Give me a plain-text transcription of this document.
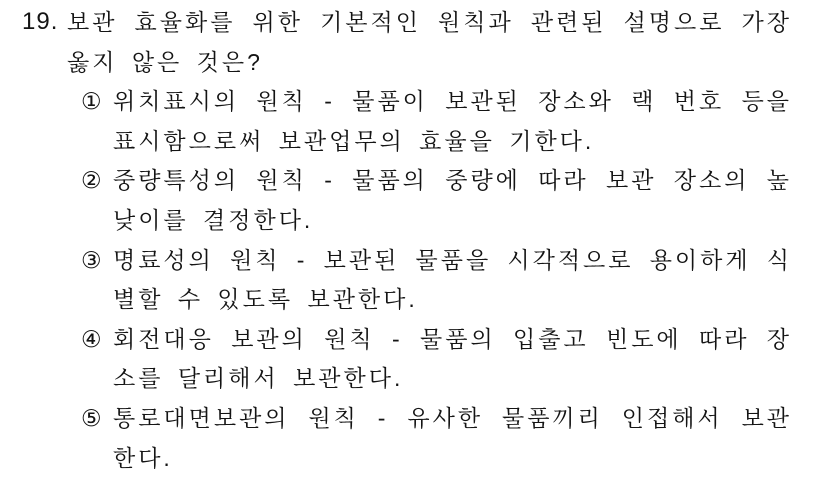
19. 보관 효율화를 위한 기본적인 원칙과 관련된 설명으로 가장
옳지 않은 것은?
① 위치표시의 원칙 - 물품이 보관된 장소와 랙 번호 등을
표시함으로써 보관업무의 효율을 기한다.
② 중량특성의 원칙 - 물품의 중량에 따라 보관 장소의 높
낮이를 결정한다.
③ 명료성의 원칙 - 보관된 물품을 시각적으로 용이하게 식
별할 수 있도록 보관한다.
④ 회전대응 보관의 원칙 - 물품의 입출고 빈도에 따라 장
소를 달리해서 보관한다.
⑤ 통로대면보관의 원칙 - 유사한 물품끼리 인접해서 보관
한다.
